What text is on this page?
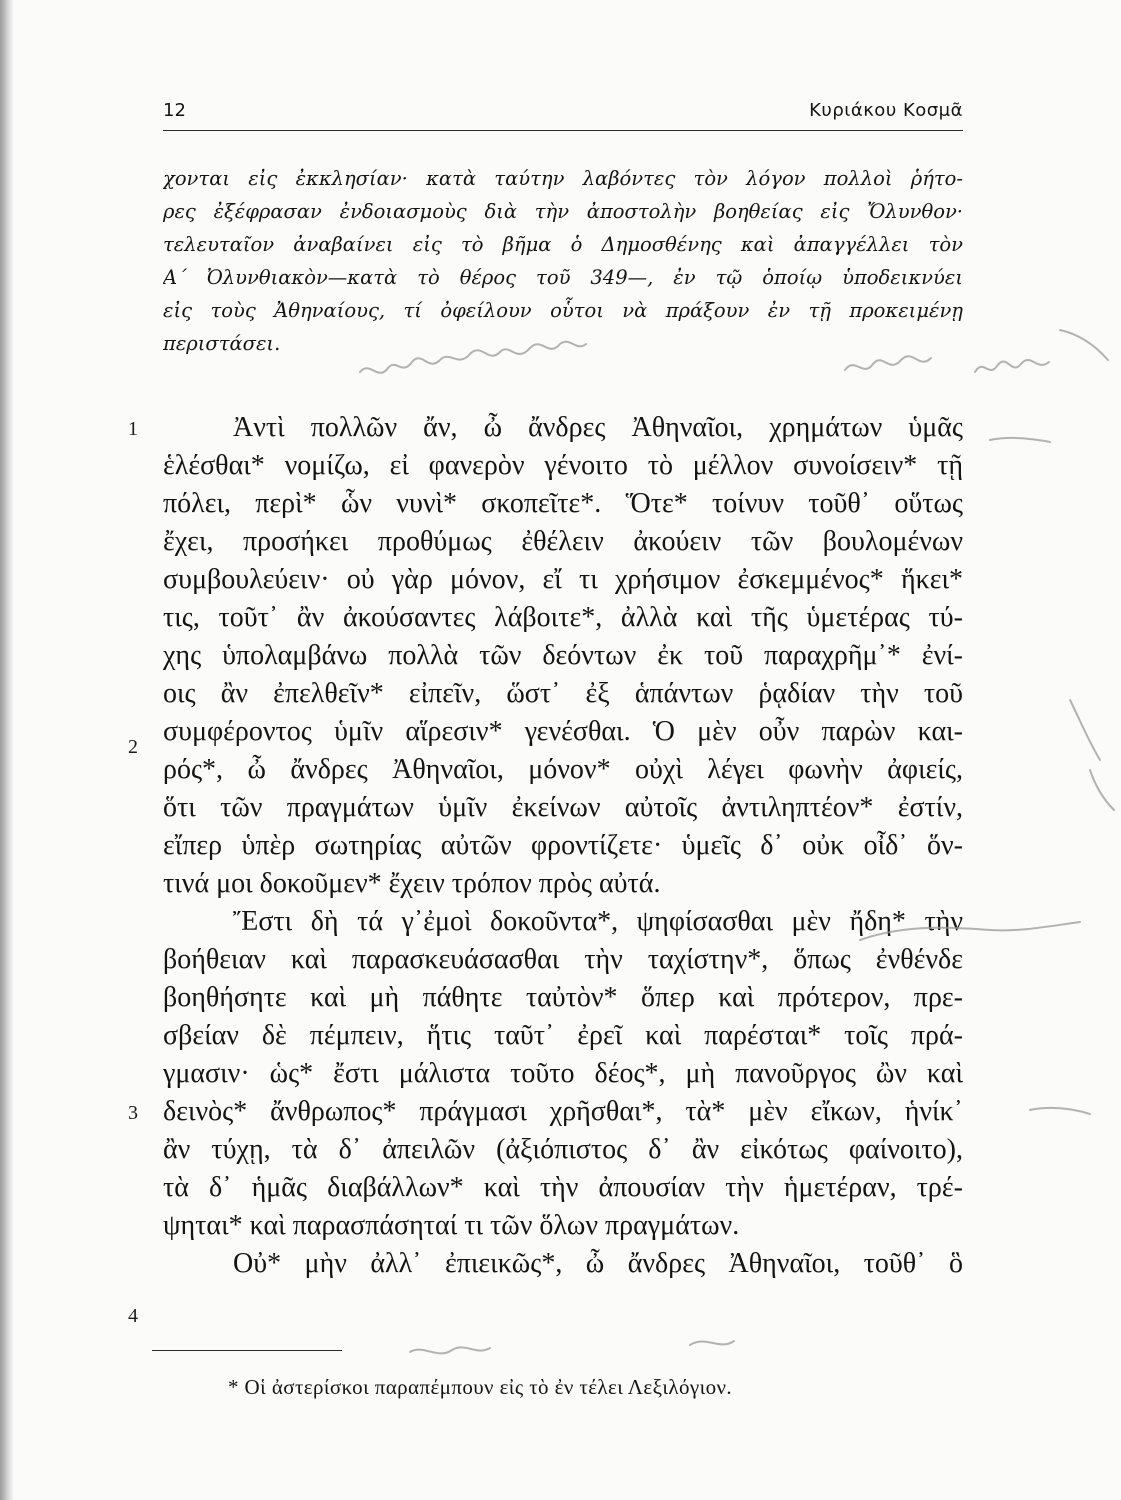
12	Κυριάκου Κοσμᾶ
χονται εἰς ἐκκλησίαν· κατὰ ταύτην λαβόντες τὸν λόγον πολλοὶ ῥήτο-
ρες ἐξέφρασαν ἐνδοιασμοὺς διὰ τὴν ἀποστολὴν βοηθείας εἰς Ὄλυνθον·
τελευταῖον ἀναβαίνει εἰς τὸ βῆμα ὁ Δημοσθένης καὶ ἀπαγγέλλει τὸν
Α΄ Ὀλυνθιακὸν—κατὰ τὸ θέρος τοῦ 349—, ἐν τῷ ὁποίῳ ὑποδεικνύει
εἰς τοὺς Ἀθηναίους, τί ὀφείλουν οὗτοι νὰ πράξουν ἐν τῇ προκειμένῃ
περιστάσει.
Ἀντὶ πολλῶν ἄν, ὦ ἄνδρες Ἀθηναῖοι, χρημάτων ὑμᾶς
ἑλέσθαι* νομίζω, εἰ φανερὸν γένοιτο τὸ μέλλον συνοίσειν* τῇ
πόλει, περὶ* ὧν νυνὶ* σκοπεῖτε*. Ὅτε* τοίνυν τοῦθ᾽ οὕτως
ἔχει, προσήκει προθύμως ἐθέλειν ἀκούειν τῶν βουλομένων
συμβουλεύειν· οὐ γὰρ μόνον, εἴ τι χρήσιμον ἐσκεμμένος* ἥκει*
τις, τοῦτ᾽ ἂν ἀκούσαντες λάβοιτε*, ἀλλὰ καὶ τῆς ὑμετέρας τύ-
χης ὑπολαμβάνω πολλὰ τῶν δεόντων ἐκ τοῦ παραχρῆμ᾽* ἐνί-
οις ἂν ἐπελθεῖν* εἰπεῖν, ὥστ᾽ ἐξ ἁπάντων ῥᾳδίαν τὴν τοῦ
συμφέροντος ὑμῖν αἵρεσιν* γενέσθαι. Ὁ μὲν οὖν παρὼν και-
ρός*, ὦ ἄνδρες Ἀθηναῖοι, μόνον* οὐχὶ λέγει φωνὴν ἀφιείς,
ὅτι τῶν πραγμάτων ὑμῖν ἐκείνων αὐτοῖς ἀντιληπτέον* ἐστίν,
εἴπερ ὑπὲρ σωτηρίας αὐτῶν φροντίζετε· ὑμεῖς δ᾽ οὐκ οἶδ᾽ ὅν-
τινά μοι δοκοῦμεν* ἔχειν τρόπον πρὸς αὐτά.
Ἔστι δὴ τά γ᾽ἐμοὶ δοκοῦντα*, ψηφίσασθαι μὲν ἤδη* τὴν
βοήθειαν καὶ παρασκευάσασθαι τὴν ταχίστην*, ὅπως ἐνθένδε
βοηθήσητε καὶ μὴ πάθητε ταὐτὸν* ὅπερ καὶ πρότερον, πρε-
σβείαν δὲ πέμπειν, ἥτις ταῦτ᾽ ἐρεῖ καὶ παρέσται* τοῖς πρά-
γμασιν· ὡς* ἔστι μάλιστα τοῦτο δέος*, μὴ πανοῦργος ὢν καὶ
δεινὸς* ἄνθρωπος* πράγμασι χρῆσθαι*, τὰ* μὲν εἴκων, ἡνίκ᾽
ἂν τύχῃ, τὰ δ᾽ ἀπειλῶν (ἀξιόπιστος δ᾽ ἂν εἰκότως φαίνοιτο),
τὰ δ᾽ ἡμᾶς διαβάλλων* καὶ τὴν ἀπουσίαν τὴν ἡμετέραν, τρέ-
ψηται* καὶ παρασπάσηταί τι τῶν ὅλων πραγμάτων.
Οὐ* μὴν ἀλλ᾽ ἐπιεικῶς*, ὦ ἄνδρες Ἀθηναῖοι, τοῦθ᾽ ὃ
1
2
3
4
* Οἱ ἀστερίσκοι παραπέμπουν εἰς τὸ ἐν τέλει Λεξιλόγιον.
